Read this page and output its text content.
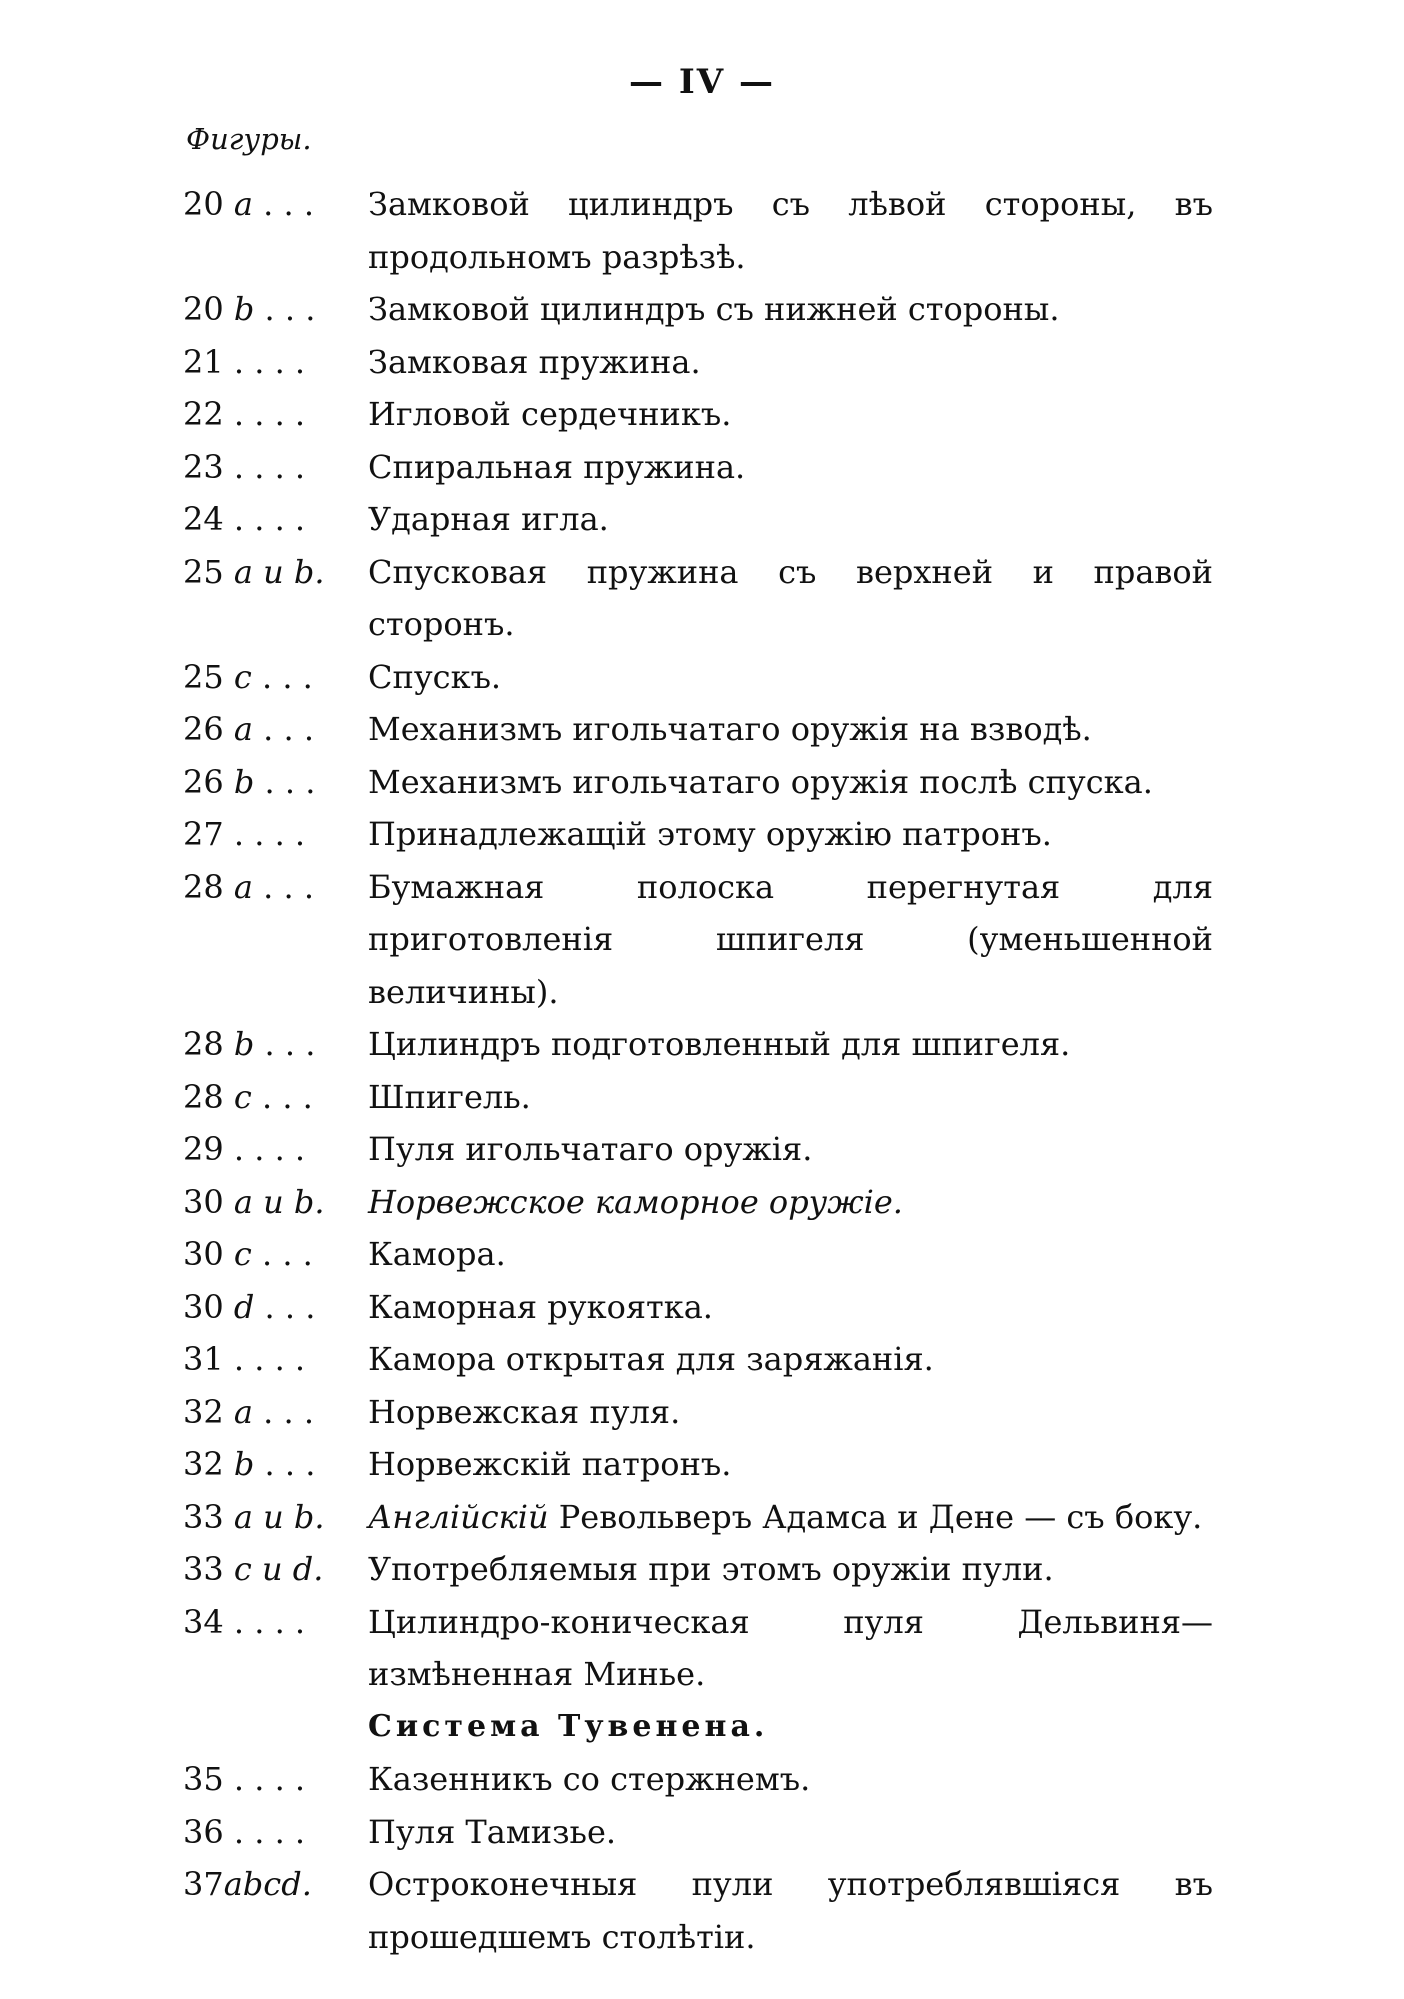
— IV —
Фигуры.
20 a . . .	Замковой цилиндръ съ лѣвой стороны, въ продольномъ разрѣзѣ.
20 b . . .	Замковой цилиндръ съ нижней стороны.
21 . . . .	Замковая пружина.
22 . . . .	Игловой сердечникъ.
23 . . . .	Спиральная пружина.
24 . . . .	Ударная игла.
25 a и b.	Спусковая пружина съ верхней и правой сторонъ.
25 c . . .	Спускъ.
26 a . . .	Механизмъ игольчатаго оружія на взводѣ.
26 b . . .	Механизмъ игольчатаго оружія послѣ спуска.
27 . . . .	Принадлежащій этому оружію патронъ.
28 a . . .	Бумажная полоска перегнутая для приготовленія шпигеля (уменьшенной величины).
28 b . . .	Цилиндръ подготовленный для шпигеля.
28 c . . .	Шпигель.
29 . . . .	Пуля игольчатаго оружія.
30 a и b.	Норвежское каморное оружіе.
30 c . . .	Камора.
30 d . . .	Каморная рукоятка.
31 . . . .	Камора открытая для заряжанія.
32 a . . .	Норвежская пуля.
32 b . . .	Норвежскій патронъ.
33 a и b.	Англійскій Револьверъ Адамса и Дене — съ боку.
33 c и d.	Употребляемыя при этомъ оружіи пули.
34 . . . .	Цилиндро-коническая пуля Дельвиня—измѣненная Миньe.
Система Тувенена.
35 . . . .	Казенникъ со стержнемъ.
36 . . . .	Пуля Тамизье.
37abcd.	Остроконечныя пули употреблявшіяся въ прошедшемъ столѣтіи.
